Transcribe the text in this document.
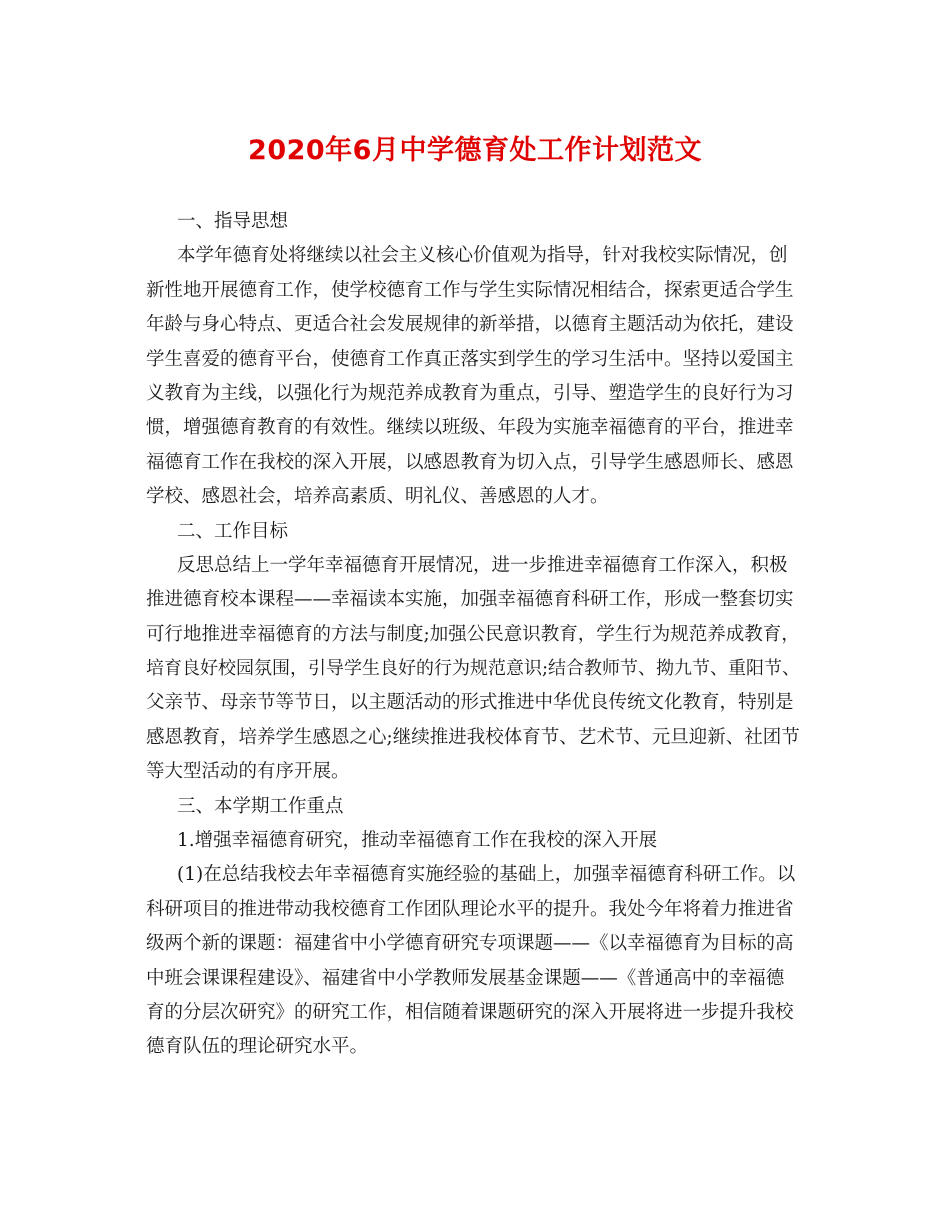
2020年6月中学德育处工作计划范文
一、指导思想
本学年德育处将继续以社会主义核心价值观为指导，针对我校实际情况，创
新性地开展德育工作，使学校德育工作与学生实际情况相结合，探索更适合学生
年龄与身心特点、更适合社会发展规律的新举措，以德育主题活动为依托，建设
学生喜爱的德育平台，使德育工作真正落实到学生的学习生活中。坚持以爱国主
义教育为主线，以强化行为规范养成教育为重点，引导、塑造学生的良好行为习
惯，增强德育教育的有效性。继续以班级、年段为实施幸福德育的平台，推进幸
福德育工作在我校的深入开展，以感恩教育为切入点，引导学生感恩师长、感恩
学校、感恩社会，培养高素质、明礼仪、善感恩的人才。
二、工作目标
反思总结上一学年幸福德育开展情况，进一步推进幸福德育工作深入，积极
推进德育校本课程——幸福读本实施，加强幸福德育科研工作，形成一整套切实
可行地推进幸福德育的方法与制度;加强公民意识教育，学生行为规范养成教育，
培育良好校园氛围，引导学生良好的行为规范意识;结合教师节、拗九节、重阳节、
父亲节、母亲节等节日，以主题活动的形式推进中华优良传统文化教育，特别是
感恩教育，培养学生感恩之心;继续推进我校体育节、艺术节、元旦迎新、社团节
等大型活动的有序开展。
三、本学期工作重点
1.增强幸福德育研究，推动幸福德育工作在我校的深入开展
(1)在总结我校去年幸福德育实施经验的基础上，加强幸福德育科研工作。以
科研项目的推进带动我校德育工作团队理论水平的提升。我处今年将着力推进省
级两个新的课题：福建省中小学德育研究专项课题——《以幸福德育为目标的高
中班会课课程建设》、福建省中小学教师发展基金课题——《普通高中的幸福德
育的分层次研究》的研究工作，相信随着课题研究的深入开展将进一步提升我校
德育队伍的理论研究水平。
